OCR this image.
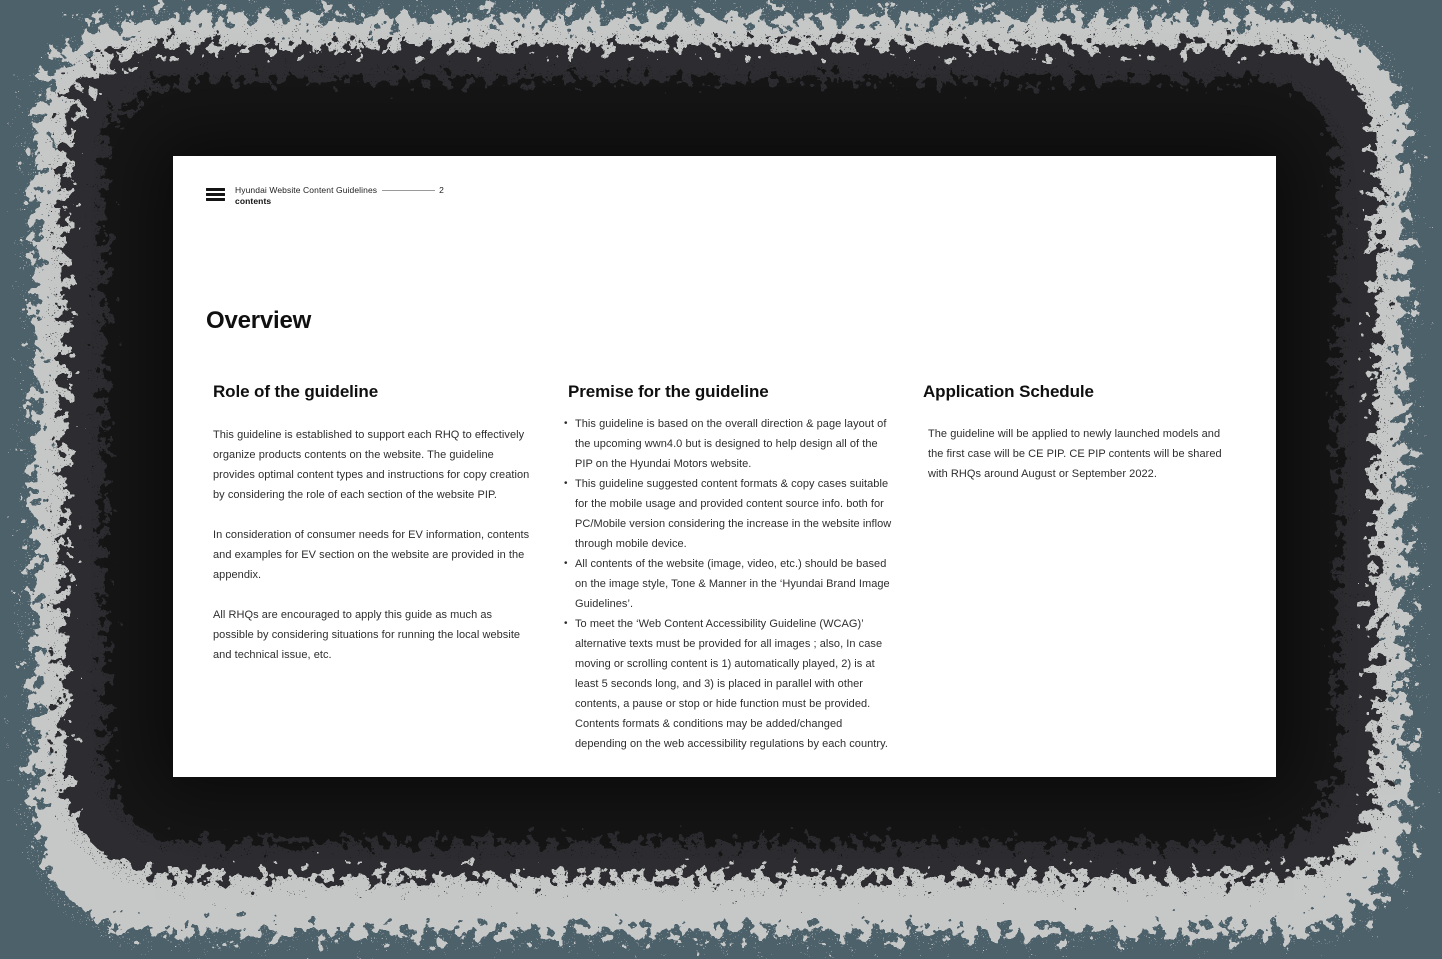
Hyundai Website Content Guidelines	2
contents
Overview
Role of the guideline

This guideline is established to support each RHQ to effectively organize products contents on the website. The guideline provides optimal content types and instructions for copy creation by considering the role of each section of the website PIP.

In consideration of consumer needs for EV information, contents and examples for EV section on the website are provided in the appendix.

All RHQs are encouraged to apply this guide as much as possible by considering situations for running the local website and technical issue, etc.

Premise for the guideline
• This guideline is based on the overall direction & page layout of the upcoming wwn4.0 but is designed to help design all of the PIP on the Hyundai Motors website.
• This guideline suggested content formats & copy cases suitable for the mobile usage and provided content source info. both for PC/Mobile version considering the increase in the website inflow through mobile device.
• All contents of the website (image, video, etc.) should be based on the image style, Tone & Manner in the ‘Hyundai Brand Image Guidelines’.
• To meet the ‘Web Content Accessibility Guideline (WCAG)’ alternative texts must be provided for all images ; also, In case moving or scrolling content is 1) automatically played, 2) is at least 5 seconds long, and 3) is placed in parallel with other contents, a pause or stop or hide function must be provided. Contents formats & conditions may be added/changed depending on the web accessibility regulations by each country.
Application Schedule

The guideline will be applied to newly launched models and the first case will be CE PIP. CE PIP contents will be shared with RHQs around August or September 2022.
